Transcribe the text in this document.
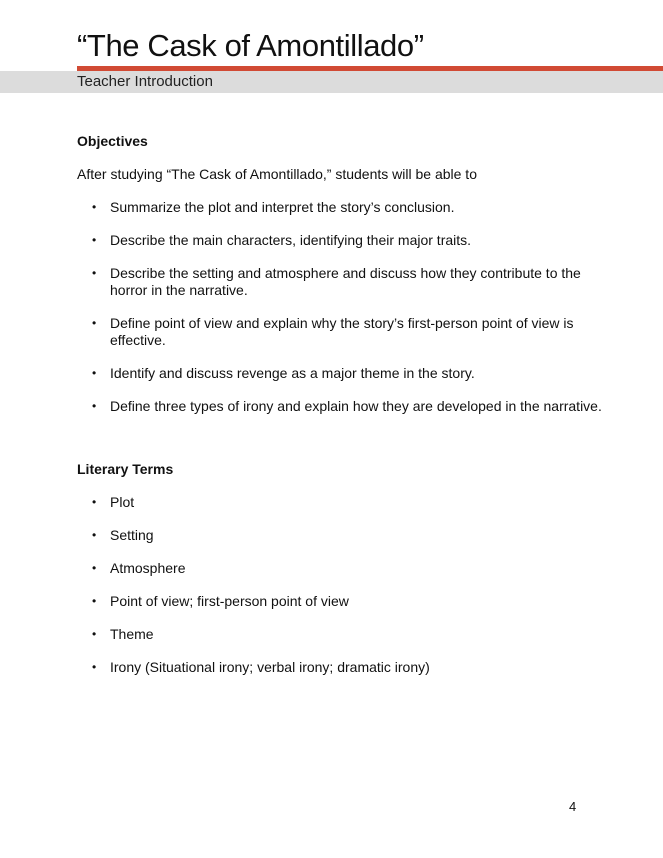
“The Cask of Amontillado”
Teacher Introduction
Objectives
After studying “The Cask of Amontillado,” students will be able to
• Summarize the plot and interpret the story’s conclusion.
• Describe the main characters, identifying their major traits.
• Describe the setting and atmosphere and discuss how they contribute to the horror in the narrative.
• Define point of view and explain why the story’s first-person point of view is effective.
• Identify and discuss revenge as a major theme in the story.
• Define three types of irony and explain how they are developed in the narrative.
Literary Terms
• Plot
• Setting
• Atmosphere
• Point of view; first-person point of view
• Theme
• Irony (Situational irony; verbal irony; dramatic irony)
4
